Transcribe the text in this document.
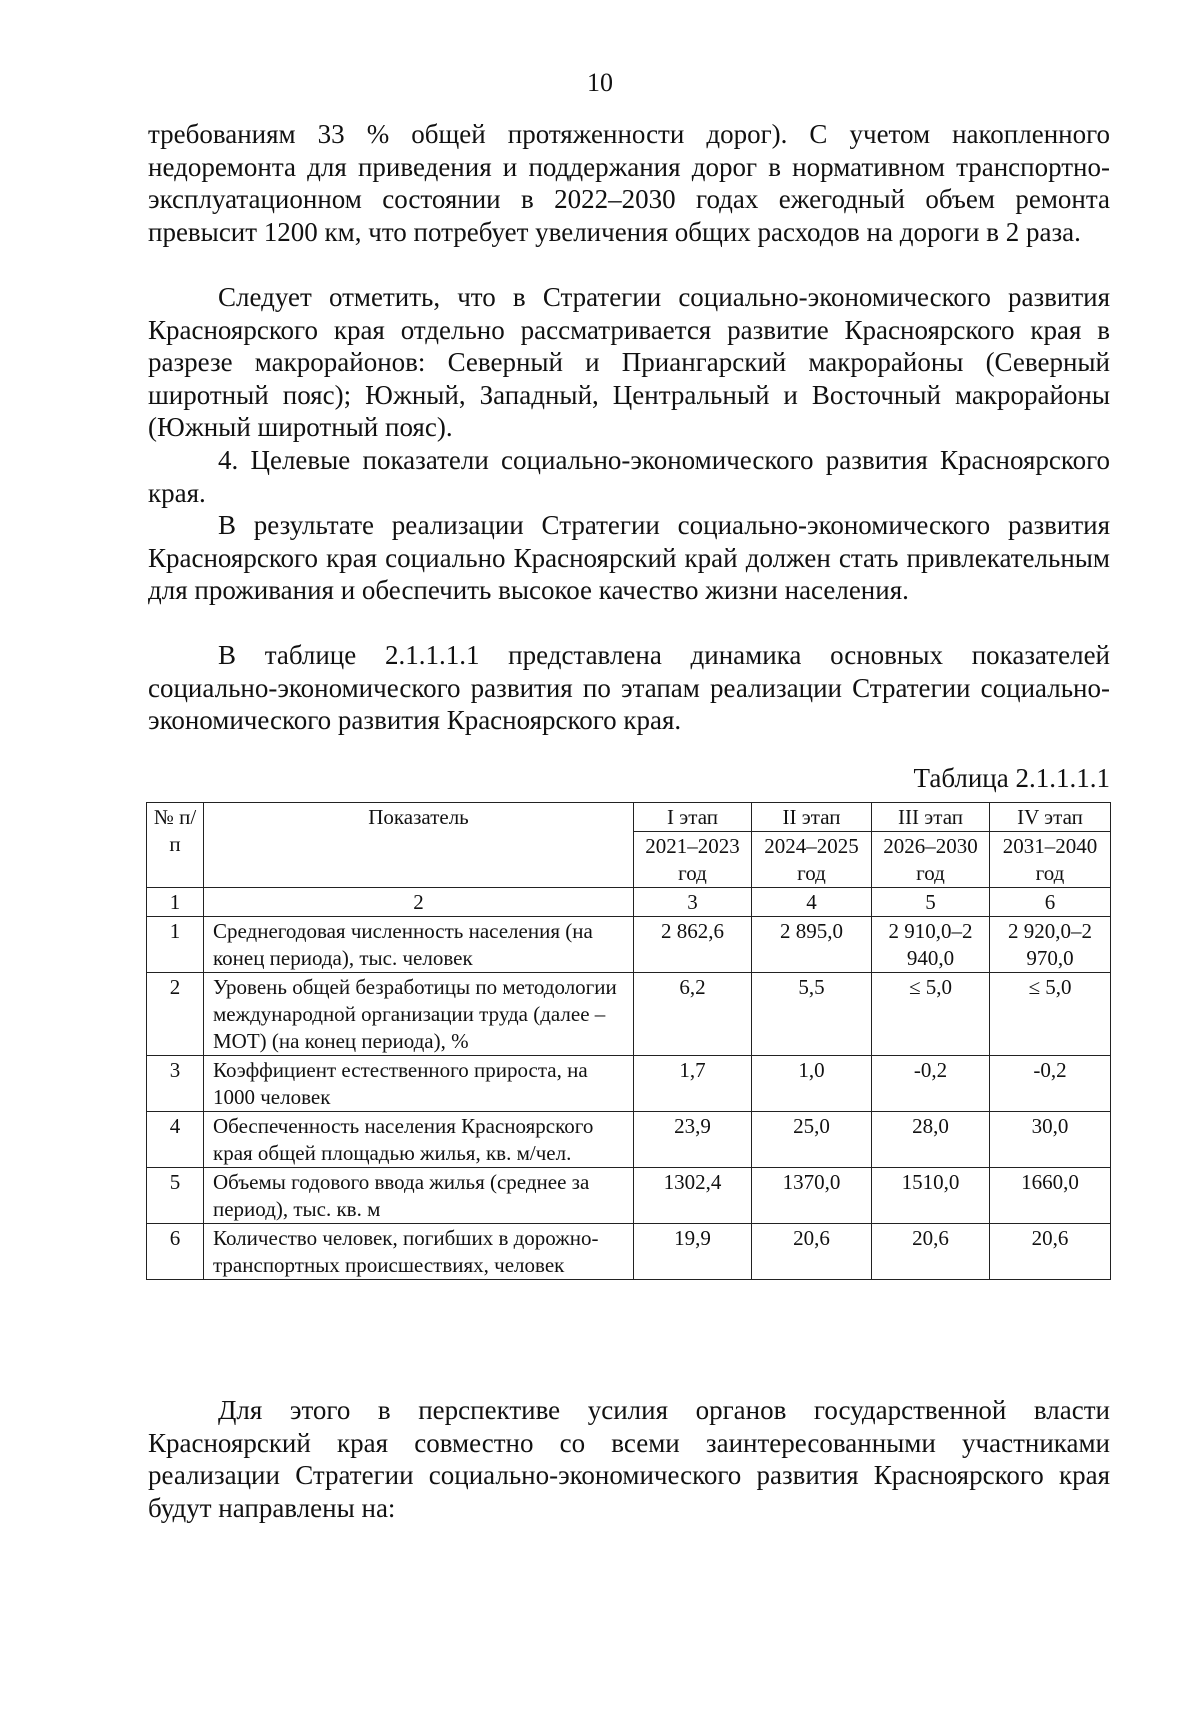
10

требованиям 33 % общей протяженности дорог). С учетом накопленного недоремонта для приведения и поддержания дорог в нормативном транспортно-эксплуатационном состоянии в 2022–2030 годах ежегодный объем ремонта превысит 1200 км, что потребует увеличения общих расходов на дороги в 2 раза.

Следует отметить, что в Стратегии социально-экономического развития Красноярского края отдельно рассматривается развитие Красноярского края в разрезе макрорайонов: Северный и Приангарский макрорайоны (Северный широтный пояс); Южный, Западный, Центральный и Восточный макрорайоны (Южный широтный пояс).

4. Целевые показатели социально-экономического развития Красноярского края.

В результате реализации Стратегии социально-экономического развития Красноярского края социально Красноярский край должен стать привлекательным для проживания и обеспечить высокое качество жизни населения.

В таблице 2.1.1.1.1 представлена динамика основных показателей социально-экономического развития по этапам реализации Стратегии социально-экономического развития Красноярского края.

Таблица 2.1.1.1.1
№ п/п	Показатель	I этап	II этап	III этап	IV этап
		2021–2023 год	2024–2025 год	2026–2030 год	2031–2040 год
1	2	3	4	5	6
1	Среднегодовая численность населения (на конец периода), тыс. человек	2 862,6	2 895,0	2 910,0–2 940,0	2 920,0–2 970,0
2	Уровень общей безработицы по методологии международной организации труда (далее – МОТ) (на конец периода), %	6,2	5,5	≤ 5,0	≤ 5,0
3	Коэффициент естественного прироста, на 1000 человек	1,7	1,0	-0,2	-0,2
4	Обеспеченность населения Красноярского края общей площадью жилья, кв. м/чел.	23,9	25,0	28,0	30,0
5	Объемы годового ввода жилья (среднее за период), тыс. кв. м	1302,4	1370,0	1510,0	1660,0
6	Количество человек, погибших в дорожно-транспортных происшествиях, человек	19,9	20,6	20,6	20,6

Для этого в перспективе усилия органов государственной власти Красноярский края совместно со всеми заинтересованными участниками реализации Стратегии социально-экономического развития Красноярского края будут направлены на:
